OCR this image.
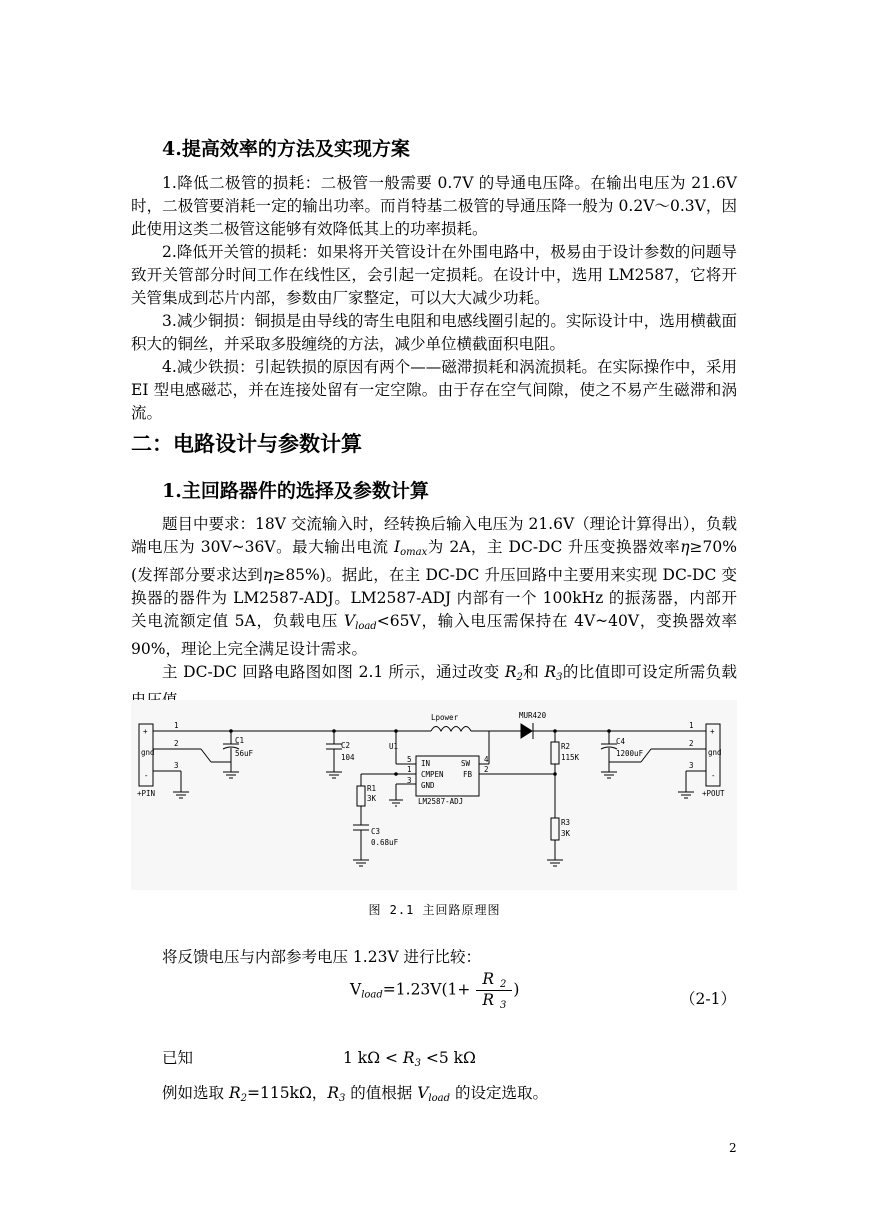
4.提高效率的方法及实现方案

1.降低二极管的损耗：二极管一般需要 0.7V 的导通电压降。在输出电压为 21.6V 时，二极管要消耗一定的输出功率。而肖特基二极管的导通压降一般为 0.2V～0.3V，因此使用这类二极管这能够有效降低其上的功率损耗。

2.降低开关管的损耗：如果将开关管设计在外围电路中，极易由于设计参数的问题导致开关管部分时间工作在线性区，会引起一定损耗。在设计中，选用 LM2587，它将开关管集成到芯片内部，参数由厂家整定，可以大大减少功耗。

3.减少铜损：铜损是由导线的寄生电阻和电感线圈引起的。实际设计中，选用横截面积大的铜丝，并采取多股缠绕的方法，减少单位横截面积电阻。

4.减少铁损：引起铁损的原因有两个——磁滞损耗和涡流损耗。在实际操作中，采用 EI 型电感磁芯，并在连接处留有一定空隙。由于存在空气间隙，使之不易产生磁滞和涡流。

二：电路设计与参数计算
1.主回路器件的选择及参数计算

题目中要求：18V 交流输入时，经转换后输入电压为 21.6V（理论计算得出），负载端电压为 30V~36V。最大输出电流 $I_{omax}$为 2A，主 DC-DC 升压变换器效率η≥70%(发挥部分要求达到η≥85%)。据此，在主 DC-DC 升压回路中主要用来实现 DC-DC 变换器的器件为 LM2587-ADJ。LM2587-ADJ 内部有一个 100kHz 的振荡器，内部开关电流额定值 5A，负载电压 $V_{load}<65V$，输入电压需保持在 4V~40V，变换器效率 90%，理论上完全满足设计需求。

主 DC-DC 回路电路图如图 2.1 所示，通过改变 $R_2$和 $R_3$的比值即可设定所需负载

1
2
3
+
gnd
-
+PIN
C1
56uF
C2
104
U1
5
1
3
4
2
IN	SW
CMPEN	FB
GND
LM2587-ADJ
Lpower	MUR420
R1
3K
C3
0.68uF
R2
115K
R3
3K
C4
1200uF
1
2
3
+
gnd
-
+POUT
图 2.1 主回路原理图
将反馈电压与内部参考电压 1.23V 进行比较：
$V_{load}=1.23V(1+ \frac{R _2}{R _3}$ )
（2-1）
已知	1 $k\Omega < R_3 <5$ kΩ
例如选取 $R_2=115k\Omega$，$R_3$ 的值根据 $V_{load}$ 的设定选取。
2
